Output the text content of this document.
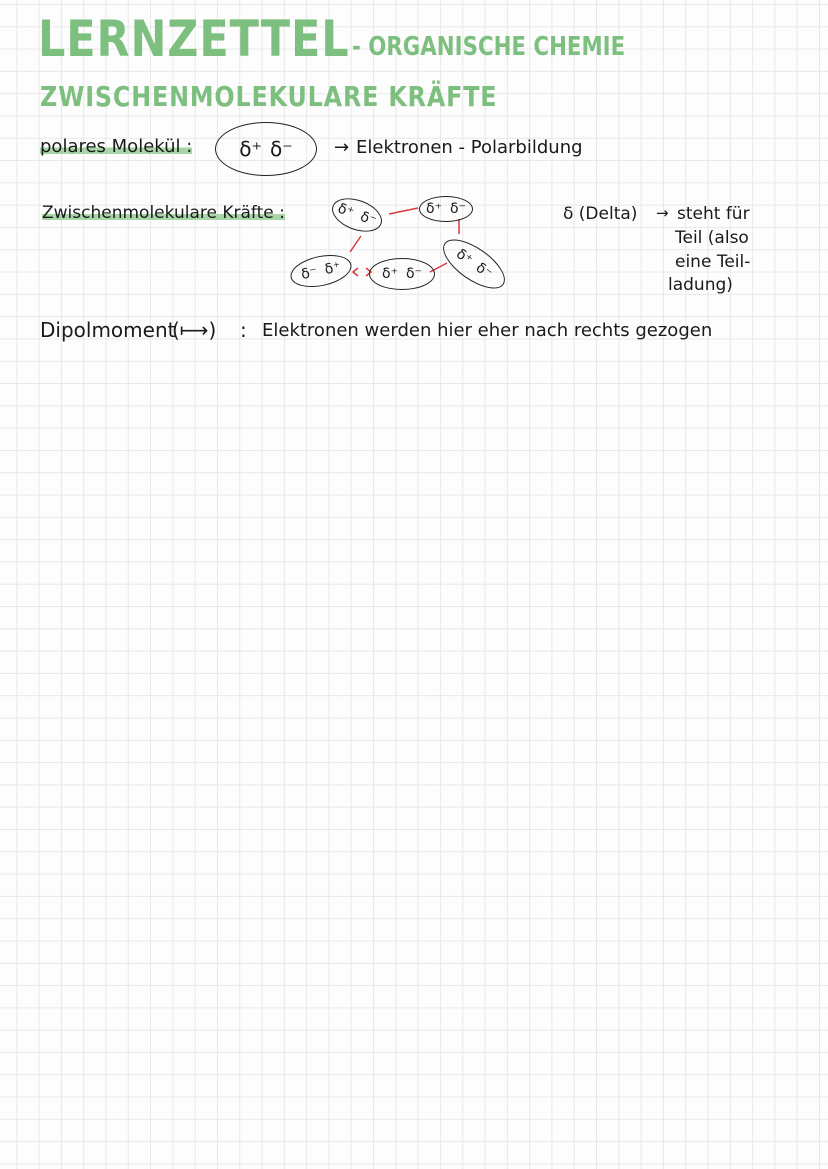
LERNZETTEL - ORGANISCHE CHEMIE
ZWISCHENMOLEKULARE KRÄFTE
polares Molekül : δ⁺ δ⁻ → Elektronen - Polarbildung
Zwischenmolekulare Kräfte :	δ⁺ δ⁻	δ⁺ δ⁻
δ⁻ δ⁺	δ⁺ δ⁻
δ⁺
δ⁻
δ (Delta) → steht für
Teil (also
eine Teil-
ladung)
Dipolmoment
(⟼) : Elektronen werden hier eher nach rechts gezogen
